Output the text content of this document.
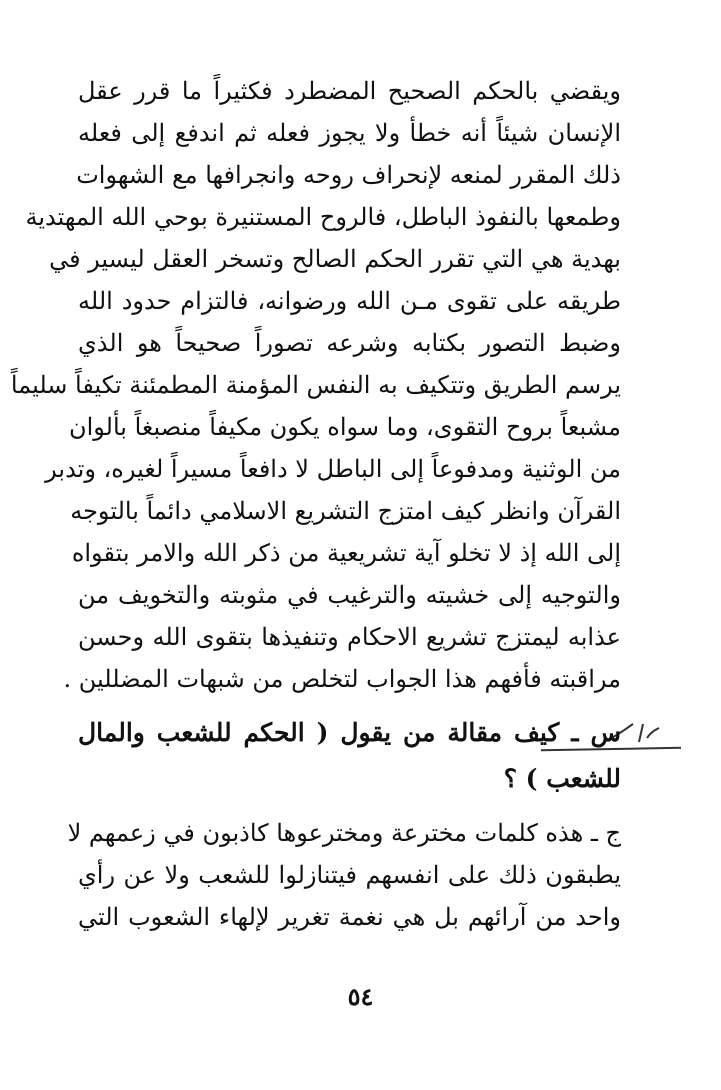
ويقضي بالحكم الصحيح المضطرد فكثيراً ما قرر عقل
الإنسان شيئاً أنه خطأ ولا يجوز فعله ثم اندفع إلى فعله
ذلك المقرر لمنعه لإنحراف روحه وانجرافها مع الشهوات
وطمعها بالنفوذ الباطل، فالروح المستنيرة بوحي الله المهتدية
بهدية هي التي تقرر الحكم الصالح وتسخر العقل ليسير في
طريقه على تقوى مـن الله ورضوانه، فالتزام حدود الله
وضبط التصور بكتابه وشرعه تصوراً صحيحاً هو الذي
يرسم الطريق وتتكيف به النفس المؤمنة المطمئنة تكيفاً سليماً
مشبعاً بروح التقوى، وما سواه يكون مكيفاً منصبغاً بألوان
من الوثنية ومدفوعاً إلى الباطل لا دافعاً مسيراً لغيره، وتدبر
القرآن وانظر كيف امتزج التشريع الاسلامي دائماً بالتوجه
إلى الله إذ لا تخلو آية تشريعية من ذكر الله والامر بتقواه
والتوجيه إلى خشيته والترغيب في مثوبته والتخويف من
عذابه ليمتزج تشريع الاحكام وتنفيذها بتقوى الله وحسن
مراقبته فأفهم هذا الجواب لتخلص من شبهات المضللين .
س ـ كيف مقالة من يقول ( الحكم للشعب والمال
للشعب ) ؟
ج ـ هذه كلمات مخترعة ومخترعوها كاذبون في زعمهم لا
يطبقون ذلك على انفسهم فيتنازلوا للشعب ولا عن رأي
واحد من آرائهم بل هي نغمة تغرير لإلهاء الشعوب التي
٥٤
